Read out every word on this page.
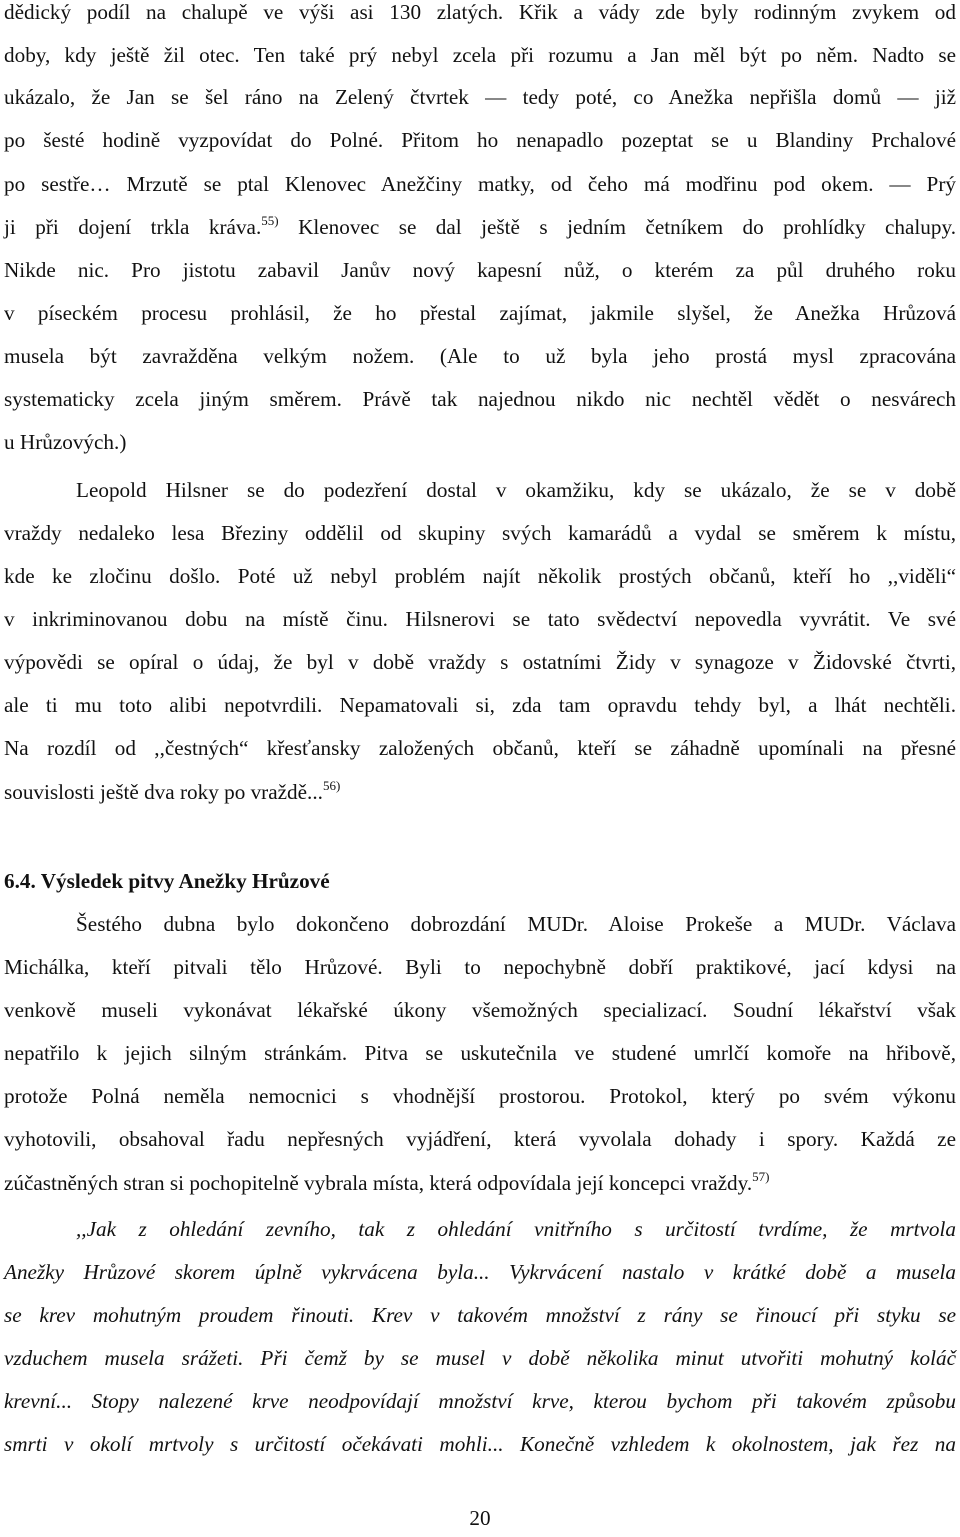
dědický podíl na chalupě ve výši asi 130 zlatých. Křik a vády zde byly rodinným zvykem od
doby, kdy ještě žil otec. Ten také prý nebyl zcela při rozumu a Jan měl být po něm. Nadto se
ukázalo, že Jan se šel ráno na Zelený čtvrtek — tedy poté, co Anežka nepřišla domů — již
po šesté hodině vyzpovídat do Polné. Přitom ho nenapadlo pozeptat se u Blandiny Prchalové
po sestře… Mrzutě se ptal Klenovec Anežčiny matky, od čeho má modřinu pod okem. — Prý
ji při dojení trkla kráva.$^{55)}$ Klenovec se dal ještě s jedním četníkem do prohlídky chalupy.
Nikde nic. Pro jistotu zabavil Janův nový kapesní nůž, o kterém za půl druhého roku
v píseckém procesu prohlásil, že ho přestal zajímat, jakmile slyšel, že Anežka Hrůzová
musela být zavražděna velkým nožem. (Ale to už byla jeho prostá mysl zpracována
systematicky zcela jiným směrem. Právě tak najednou nikdo nic nechtěl vědět o nesvárech
u Hrůzových.)
Leopold Hilsner se do podezření dostal v okamžiku, kdy se ukázalo, že se v době
vraždy nedaleko lesa Březiny oddělil od skupiny svých kamarádů a vydal se směrem k místu,
kde ke zločinu došlo. Poté už nebyl problém najít několik prostých občanů, kteří ho ,,viděli“
v inkriminovanou dobu na místě činu. Hilsnerovi se tato svědectví nepovedla vyvrátit. Ve své
výpovědi se opíral o údaj, že byl v době vraždy s ostatními Židy v synagoze v Židovské čtvrti,
ale ti mu toto alibi nepotvrdili. Nepamatovali si, zda tam opravdu tehdy byl, a lhát nechtěli.
Na rozdíl od ,,čestných“ křesťansky založených občanů, kteří se záhadně upomínali na přesné
souvislosti ještě dva roky po vraždě...$^{56)}$
6.4. Výsledek pitvy Anežky Hrůzové
Šestého dubna bylo dokončeno dobrozdání MUDr. Aloise Prokeše a MUDr. Václava
Michálka, kteří pitvali tělo Hrůzové. Byli to nepochybně dobří praktikové, jací kdysi na
venkově museli vykonávat lékařské úkony všemožných specializací. Soudní lékařství však
nepatřilo k jejich silným stránkám. Pitva se uskutečnila ve studené umrlčí komoře na hřibově,
protože Polná neměla nemocnici s vhodnější prostorou. Protokol, který po svém výkonu
vyhotovili, obsahoval řadu nepřesných vyjádření, která vyvolala dohady i spory. Každá ze
zúčastněných stran si pochopitelně vybrala místa, která odpovídala její koncepci vraždy.$^{57)}$
,,Jak z ohledání zevního, tak z ohledání vnitřního s určitostí tvrdíme, že mrtvola
Anežky Hrůzové skorem úplně vykrvácena byla... Vykrvácení nastalo v krátké době a musela
se krev mohutným proudem řinouti. Krev v takovém množství z rány se řinoucí při styku se
vzduchem musela srážeti. Při čemž by se musel v době několika minut utvořiti mohutný koláč
krevní... Stopy nalezené krve neodpovídají množství krve, kterou bychom při takovém způsobu
smrti v okolí mrtvoly s určitostí očekávati mohli... Konečně vzhledem k okolnostem, jak řez na
20
